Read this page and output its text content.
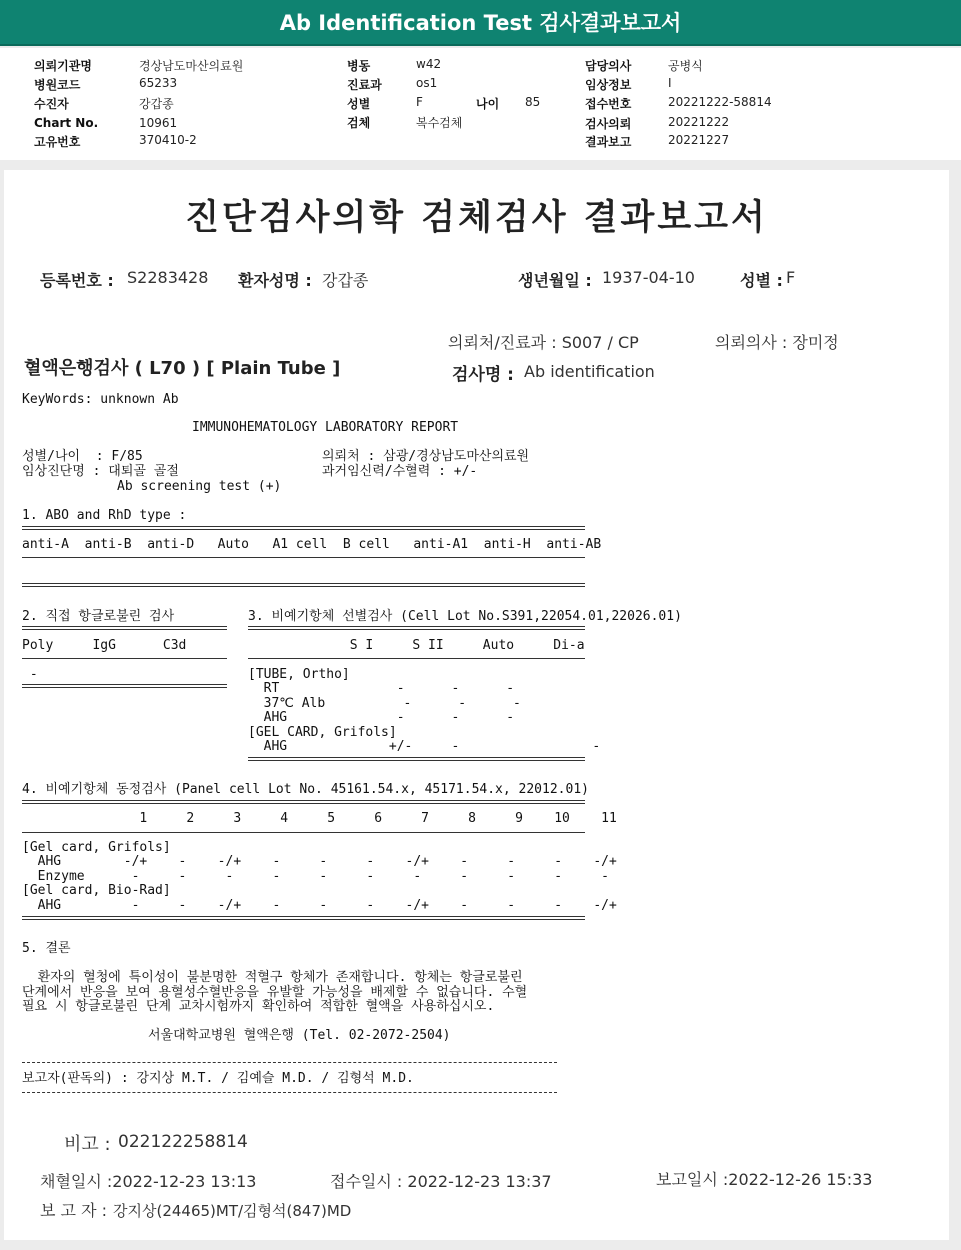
Ab Identification Test 검사결과보고서
의뢰기관명	경상남도마산의료원
병원코드	65233
수진자	강갑종
Chart No.	10961
고유번호	370410-2
병동	w42
진료과	os1
성별	F	나이 85
검체	복수검체
담당의사	공병식
임상정보	I
접수번호	20221222-58814
검사의뢰	20221222
결과보고	20221227
진단검사의학 검체검사 결과보고서
등록번호 : S2283428 환자성명 : 강갑종	생년월일 : 1937-04-10	성별 : F
의뢰처/진료과 : S007 / CP	의뢰의사 : 장미정
혈액은행검사 ( L70 ) [ Plain Tube ]	검사명 : Ab identification
KeyWords: unknown Ab
IMMUNOHEMATOLOGY LABORATORY REPORT
성별/나이  : F/85
임상진단명 : 대퇴골 골절
Ab screening test (+)
의뢰처 : 삼광/경상남도마산의료원
과거임신력/수혈력 : +/-
1. ABO and RhD type :
anti-A  anti-B  anti-D   Auto   A1 cell  B cell   anti-A1  anti-H  anti-AB
2. 직접 항글로불린 검사
Poly     IgG      C3d
-
3. 비예기항체 선별검사 (Cell Lot No.S391,22054.01,22026.01)
S I     S II     Auto     Di-a
[TUBE, Ortho]
RT               -      -      -
37℃ Alb          -      -      -
AHG              -      -      -
[GEL CARD, Grifols]
AHG             +/-     -                 -
4. 비예기항체 동정검사 (Panel cell Lot No. 45161.54.x, 45171.54.x, 22012.01)
1     2     3     4     5     6     7     8     9    10    11
[Gel card, Grifols]
AHG        -/+    -    -/+    -     -     -    -/+    -     -     -    -/+
Enzyme      -     -     -     -     -     -     -     -     -     -     -
[Gel card, Bio-Rad]
AHG         -     -    -/+    -     -     -    -/+    -     -     -    -/+
5. 결론
환자의 혈청에 특이성이 불분명한 적혈구 항체가 존재합니다. 항체는 항글로불린
단계에서 반응을 보여 용혈성수혈반응을 유발할 가능성을 배제할 수 없습니다. 수혈
필요 시 항글로불린 단계 교차시험까지 확인하여 적합한 혈액을 사용하십시오.
서울대학교병원 혈액은행 (Tel. 02-2072-2504)
보고자(판독의) : 강지상 M.T. / 김예슬 M.D. / 김형석 M.D.
비고 : 022122258814
채혈일시 :2022-12-23 13:13	접수일시 : 2022-12-23 13:37	보고일시 :2022-12-26 15:33
보 고 자 : 강지상(24465)MT/김형석(847)MD
